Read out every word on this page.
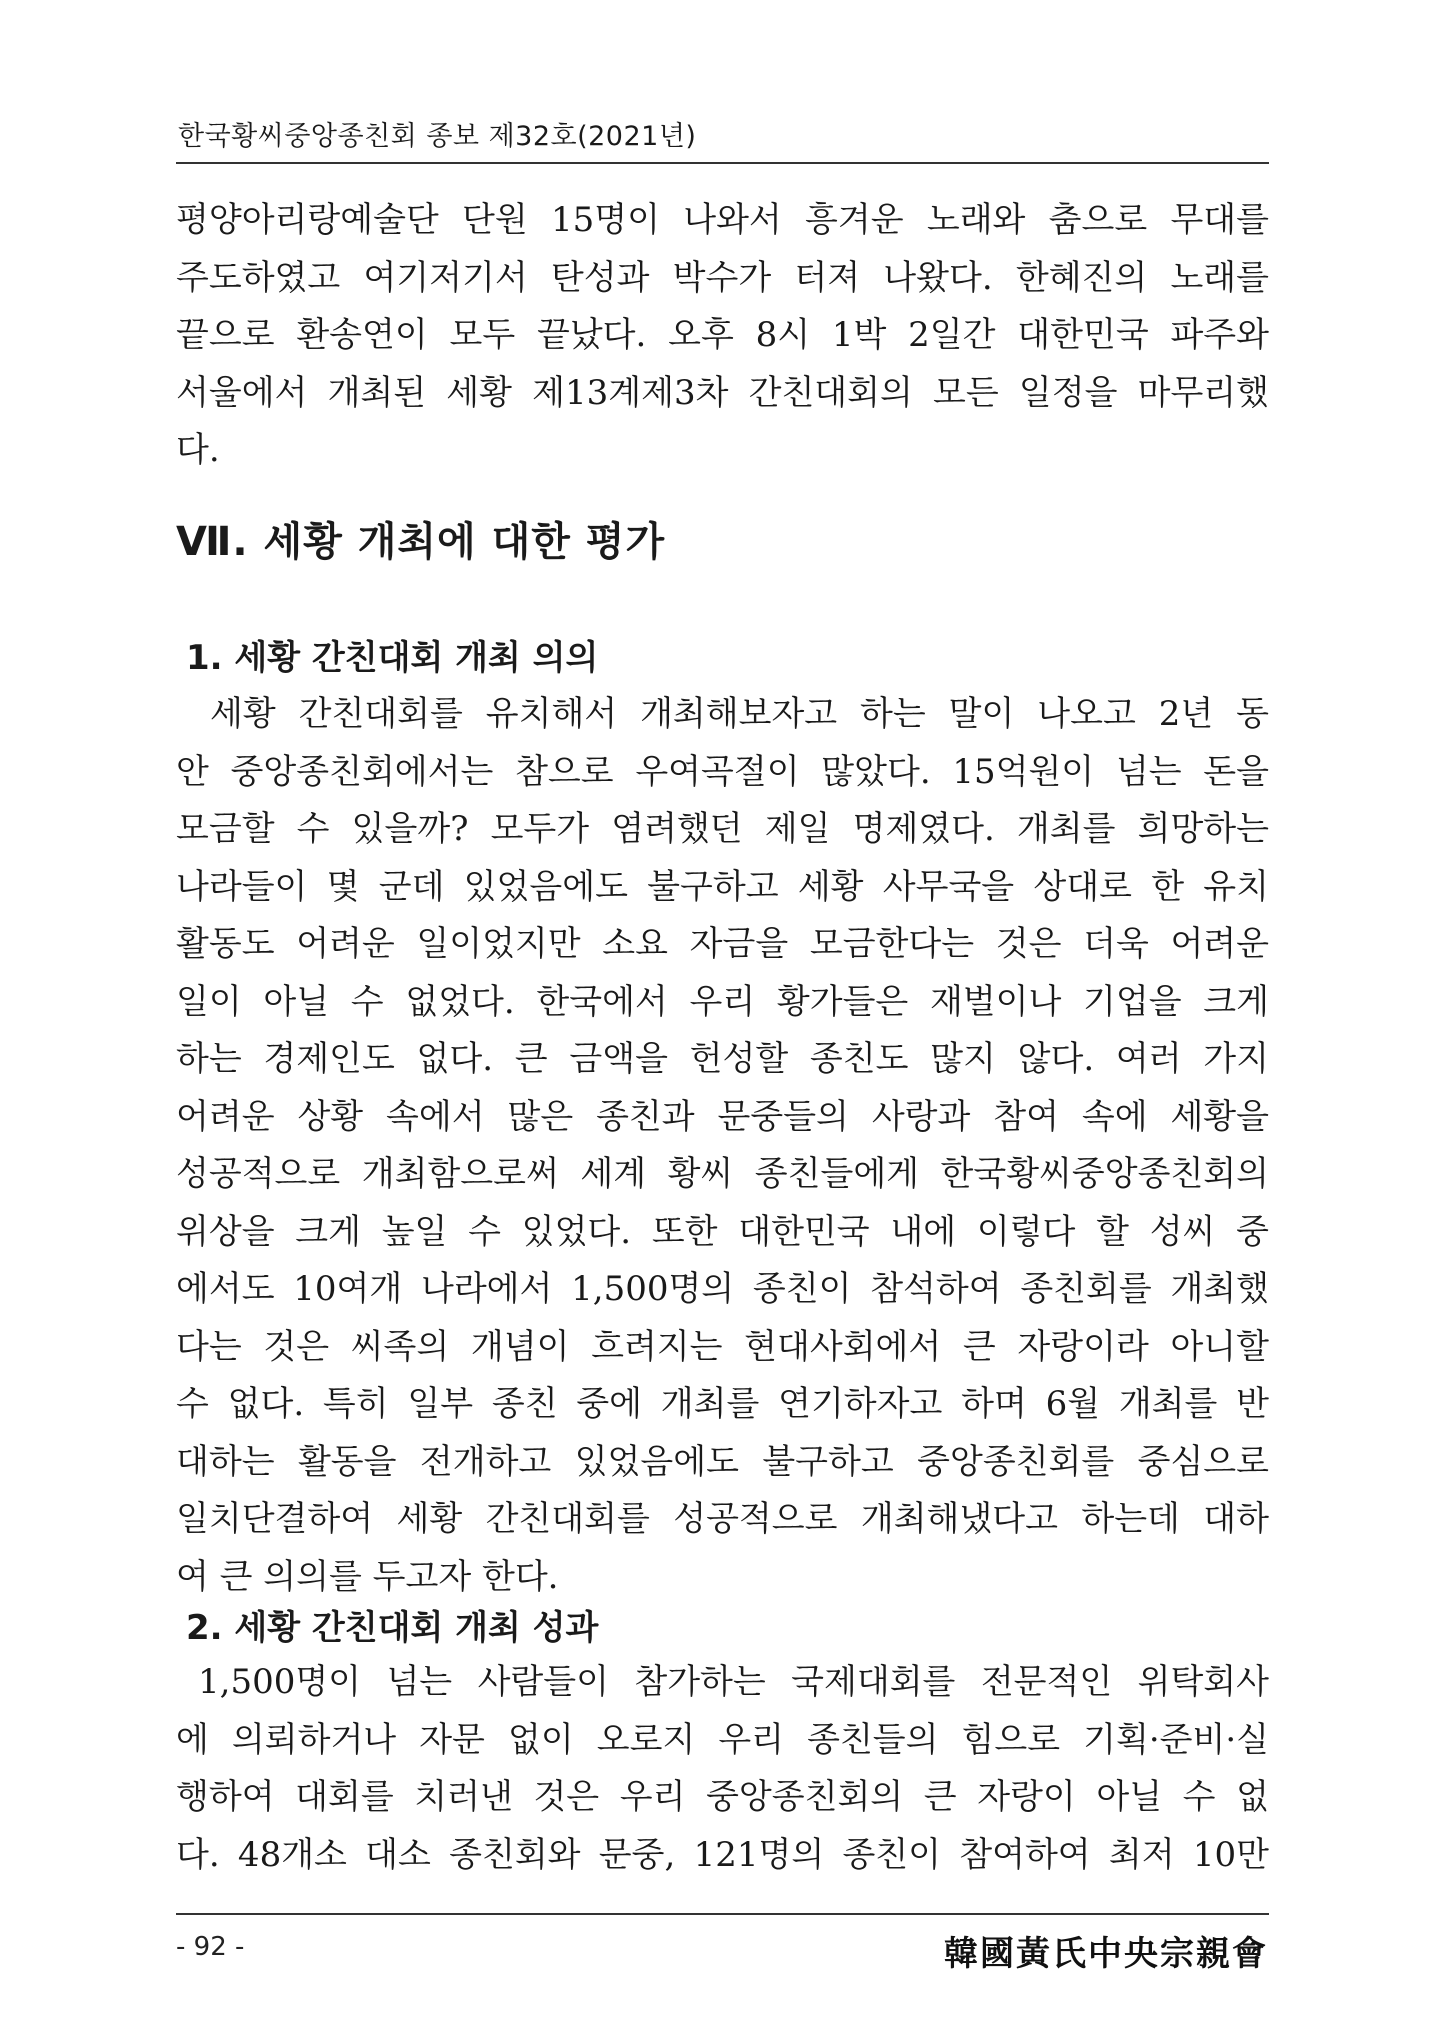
한국황씨중앙종친회 종보 제32호(2021년)
평양아리랑예술단 단원 15명이 나와서 흥겨운 노래와 춤으로 무대를
주도하였고 여기저기서 탄성과 박수가 터져 나왔다. 한혜진의 노래를
끝으로 환송연이 모두 끝났다. 오후 8시 1박 2일간 대한민국 파주와
서울에서 개최된 세황 제13계제3차 간친대회의 모든 일정을 마무리했
다.
Ⅶ. 세황 개최에 대한 평가
1. 세황 간친대회 개최 의의
세황 간친대회를 유치해서 개최해보자고 하는 말이 나오고 2년 동
안 중앙종친회에서는 참으로 우여곡절이 많았다. 15억원이 넘는 돈을
모금할 수 있을까? 모두가 염려했던 제일 명제였다. 개최를 희망하는
나라들이 몇 군데 있었음에도 불구하고 세황 사무국을 상대로 한 유치
활동도 어려운 일이었지만 소요 자금을 모금한다는 것은 더욱 어려운
일이 아닐 수 없었다. 한국에서 우리 황가들은 재벌이나 기업을 크게
하는 경제인도 없다. 큰 금액을 헌성할 종친도 많지 않다. 여러 가지
어려운 상황 속에서 많은 종친과 문중들의 사랑과 참여 속에 세황을
성공적으로 개최함으로써 세계 황씨 종친들에게 한국황씨중앙종친회의
위상을 크게 높일 수 있었다. 또한 대한민국 내에 이렇다 할 성씨 중
에서도 10여개 나라에서 1,500명의 종친이 참석하여 종친회를 개최했
다는 것은 씨족의 개념이 흐려지는 현대사회에서 큰 자랑이라 아니할
수 없다. 특히 일부 종친 중에 개최를 연기하자고 하며 6월 개최를 반
대하는 활동을 전개하고 있었음에도 불구하고 중앙종친회를 중심으로
일치단결하여 세황 간친대회를 성공적으로 개최해냈다고 하는데 대하
여 큰 의의를 두고자 한다.
2. 세황 간친대회 개최 성과
1,500명이 넘는 사람들이 참가하는 국제대회를 전문적인 위탁회사
에 의뢰하거나 자문 없이 오로지 우리 종친들의 힘으로 기획·준비·실
행하여 대회를 치러낸 것은 우리 중앙종친회의 큰 자랑이 아닐 수 없
다. 48개소 대소 종친회와 문중, 121명의 종친이 참여하여 최저 10만
- 92 -	韓國黃氏中央宗親會
